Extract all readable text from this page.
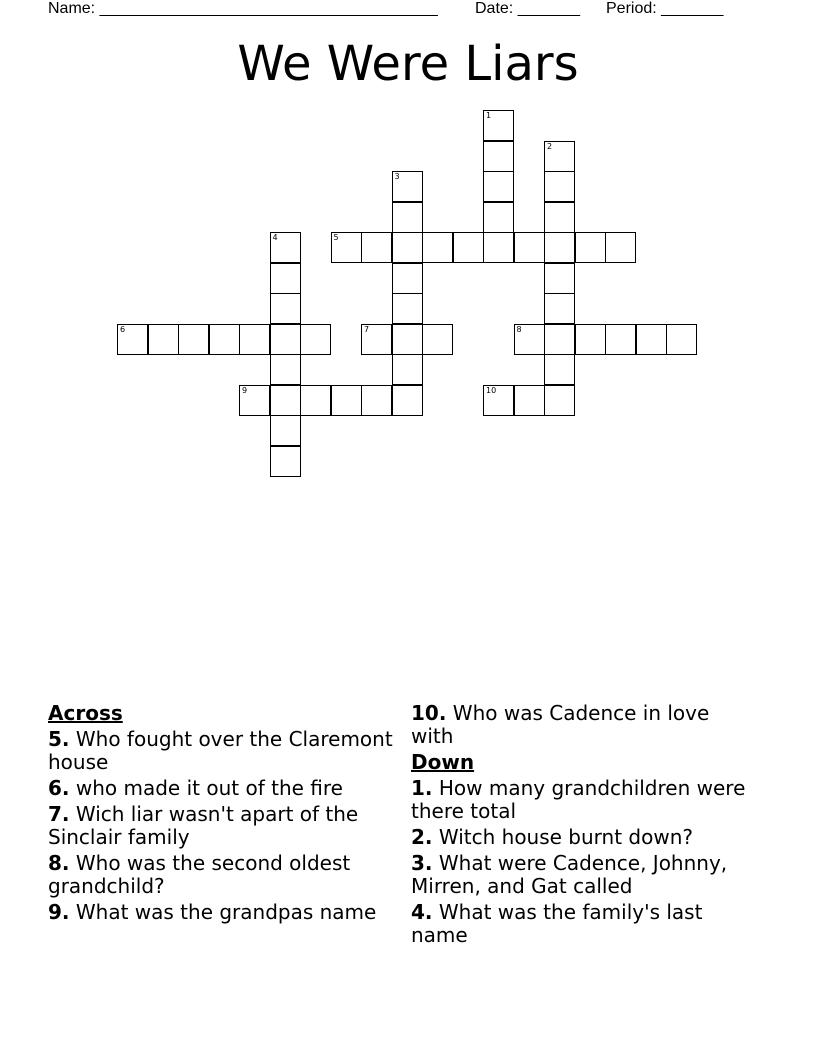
Name: ______________________________________ Date: _______ Period: _______
We Were Liars
1
2
3
4	5
6	7	8
9	10
Across
5. Who fought over the Claremont house
6. who made it out of the fire
7. Wich liar wasn't apart of the Sinclair family
8. Who was the second oldest grandchild?
9. What was the grandpas name
10. Who was Cadence in love with
Down
1. How many grandchildren were there total
2. Witch house burnt down?
3. What were Cadence, Johnny, Mirren, and Gat called
4. What was the family's last name
